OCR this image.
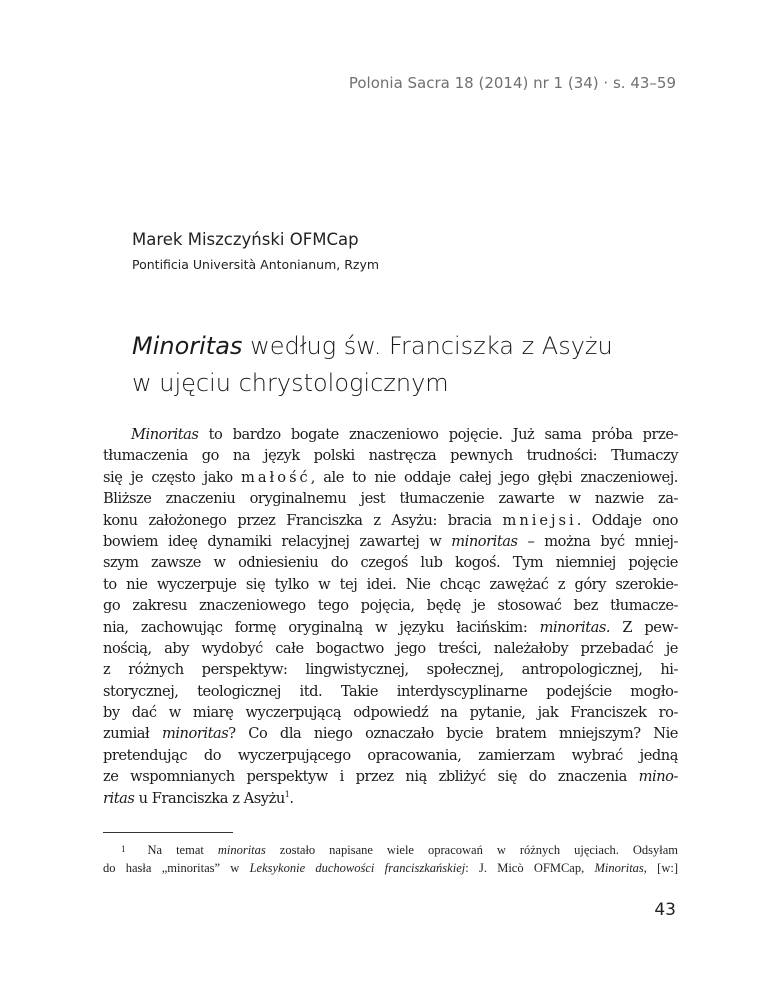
Polonia Sacra 18 (2014) nr 1 (34) · s. 43–59
Marek Miszczyński OFMCap
Pontificia Università Antonianum, Rzym
Minoritas według św. Franciszka z Asyżu
w ujęciu chrystologicznym
Minoritas to bardzo bogate znaczeniowo pojęcie. Już sama próba prze-
tłumaczenia go na język polski nastręcza pewnych trudności: Tłumaczy
się je często jako małość, ale to nie oddaje całej jego głębi znaczeniowej.
Bliższe znaczeniu oryginalnemu jest tłumaczenie zawarte w nazwie za-
konu założonego przez Franciszka z Asyżu: bracia mniejsi. Oddaje ono
bowiem ideę dynamiki relacyjnej zawartej w minoritas – można być mniej-
szym zawsze w odniesieniu do czegoś lub kogoś. Tym niemniej pojęcie
to nie wyczerpuje się tylko w tej idei. Nie chcąc zawężać z góry szerokie-
go zakresu znaczeniowego tego pojęcia, będę je stosować bez tłumacze-
nia, zachowując formę oryginalną w języku łacińskim: minoritas. Z pew-
nością, aby wydobyć całe bogactwo jego treści, należałoby przebadać je
z różnych perspektyw: lingwistycznej, społecznej, antropologicznej, hi-
storycznej, teologicznej itd. Takie interdyscyplinarne podejście mogło-
by dać w miarę wyczerpującą odpowiedź na pytanie, jak Franciszek ro-
zumiał minoritas? Co dla niego oznaczało bycie bratem mniejszym? Nie
pretendując do wyczerpującego opracowania, zamierzam wybrać jedną
ze wspomnianych perspektyw i przez nią zbliżyć się do znaczenia mino-
ritas u Franciszka z Asyżu$^1$.
1 Na temat minoritas zostało napisane wiele opracowań w różnych ujęciach. Odsyłam
do hasła „minoritas” w Leksykonie duchowości franciszkańskiej: J. Micò OFMCap, Minoritas, [w:]
43
